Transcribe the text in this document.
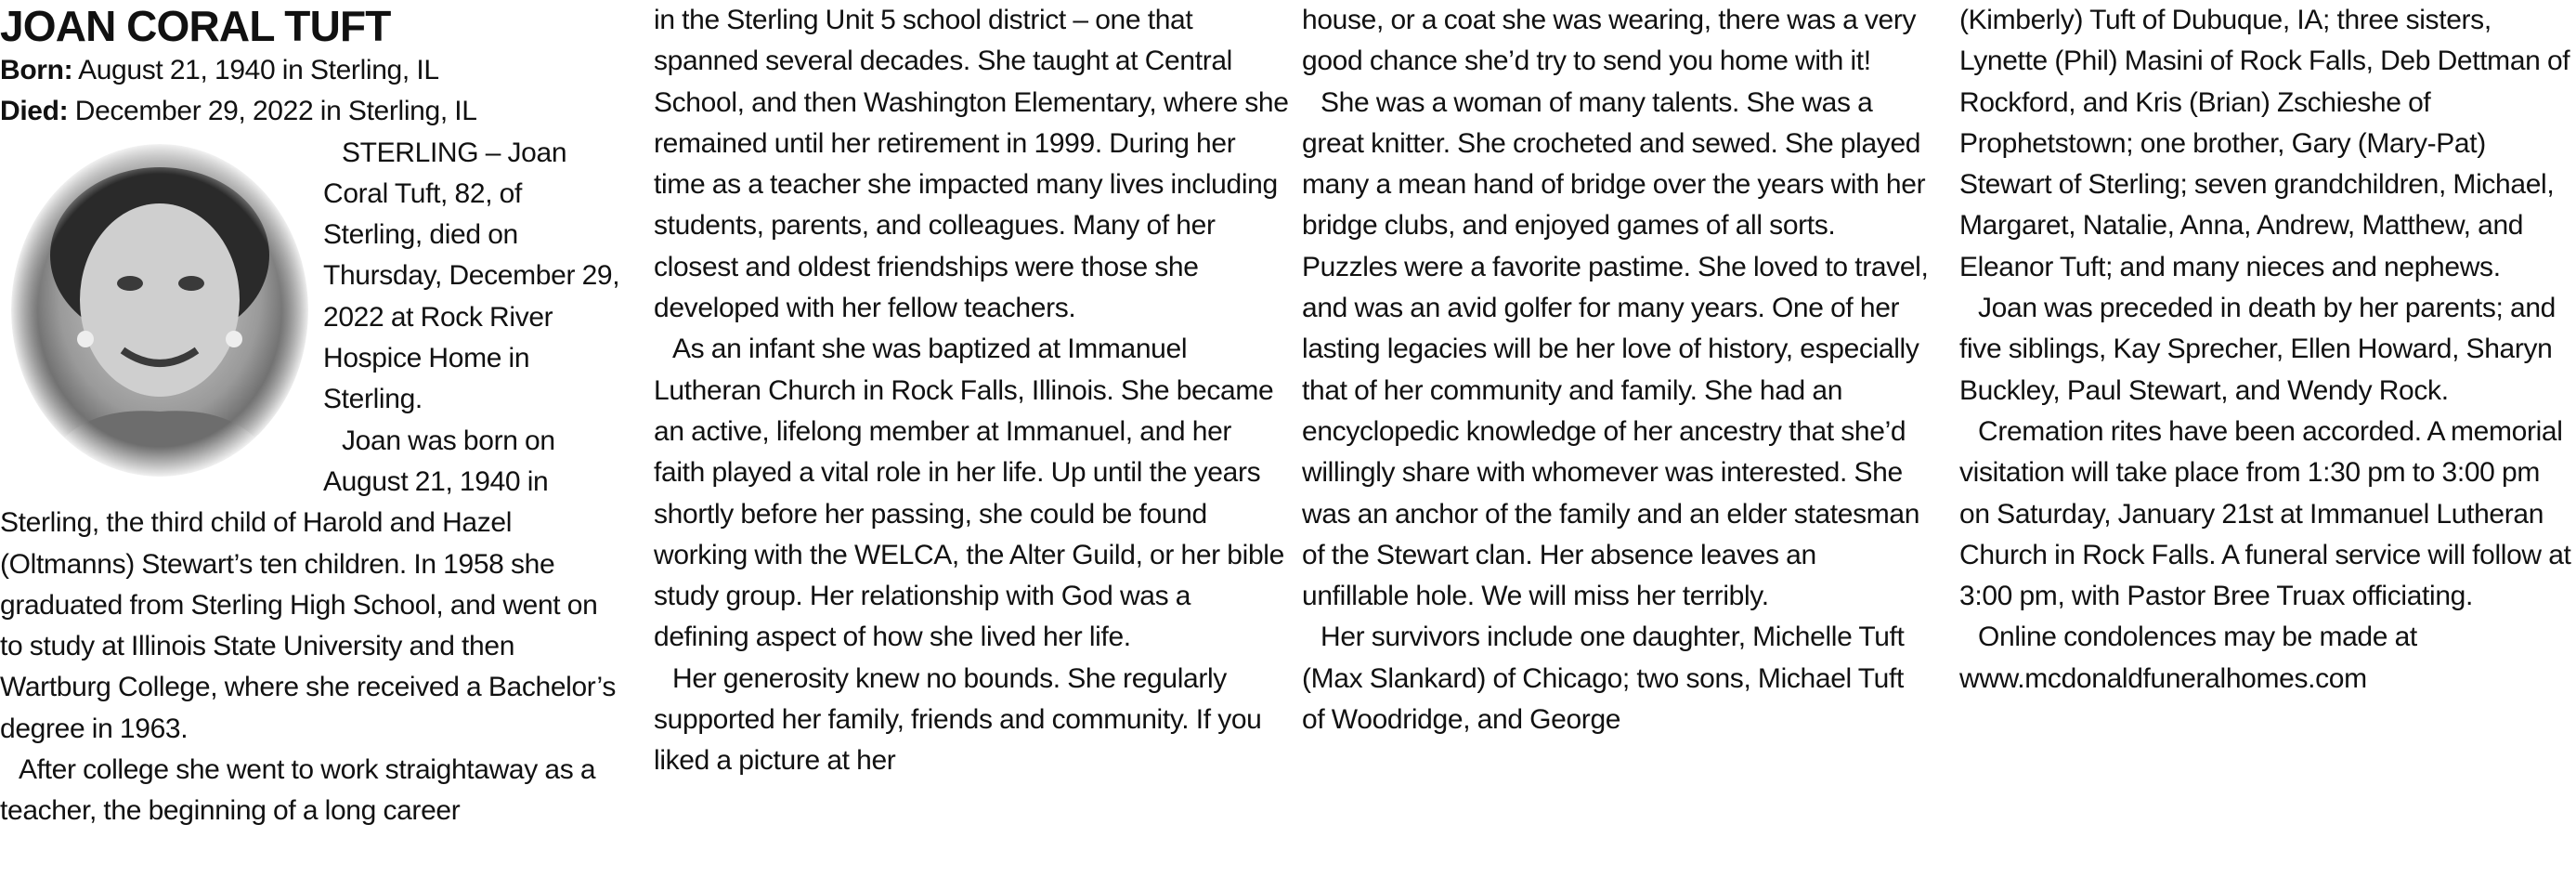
JOAN CORAL TUFT

Born: August 21, 1940 in Sterling, IL

Died: December 29, 2022 in Sterling, IL

STERLING – Joan Coral Tuft, 82, of Sterling, died on Thursday, December 29, 2022 at Rock River Hospice Home in Sterling.

Joan was born on August 21, 1940 in Sterling, the third child of Harold and Hazel (Oltmanns) Stewart’s ten children. In 1958 she graduated from Sterling High School, and went on to study at Illinois State University and then Wartburg College, where she received a Bachelor’s degree in 1963.

After college she went to work straightaway as a teacher, the beginning of a long career

in the Sterling Unit 5 school district – one that spanned several decades. She taught at Central School, and then Washington Elementary, where she remained until her retirement in 1999. During her time as a teacher she impacted many lives including students, parents, and colleagues. Many of her closest and oldest friendships were those she developed with her fellow teachers.

As an infant she was baptized at Immanuel Lutheran Church in Rock Falls, Illinois. She became an active, lifelong member at Immanuel, and her faith played a vital role in her life. Up until the years shortly before her passing, she could be found working with the WELCA, the Alter Guild, or her bible study group. Her relationship with God was a defining aspect of how she lived her life.

Her generosity knew no bounds. She regularly supported her family, friends and community. If you liked a picture at her

house, or a coat she was wearing, there was a very good chance she’d try to send you home with it!

She was a woman of many talents. She was a great knitter. She crocheted and sewed. She played many a mean hand of bridge over the years with her bridge clubs, and enjoyed games of all sorts. Puzzles were a favorite pastime. She loved to travel, and was an avid golfer for many years. One of her lasting legacies will be her love of history, especially that of her community and family. She had an encyclopedic knowledge of her ancestry that she’d willingly share with whomever was interested. She was an anchor of the family and an elder statesman of the Stewart clan. Her absence leaves an unfillable hole. We will miss her terribly.

Her survivors include one daughter, Michelle Tuft (Max Slankard) of Chicago; two sons, Michael Tuft of Woodridge, and George

(Kimberly) Tuft of Dubuque, IA; three sisters, Lynette (Phil) Masini of Rock Falls, Deb Dettman of Rockford, and Kris (Brian) Zschieshe of Prophetstown; one brother, Gary (Mary-Pat) Stewart of Sterling; seven grandchildren, Michael, Margaret, Natalie, Anna, Andrew, Matthew, and Eleanor Tuft; and many nieces and nephews.

Joan was preceded in death by her parents; and five siblings, Kay Sprecher, Ellen Howard, Sharyn Buckley, Paul Stewart, and Wendy Rock.

Cremation rites have been accorded. A memorial visitation will take place from 1:30 pm to 3:00 pm on Saturday, January 21st at Immanuel Lutheran Church in Rock Falls. A funeral service will follow at 3:00 pm, with Pastor Bree Truax officiating.

Online condolences may be made at www.mcdonaldfuneralhomes.com
